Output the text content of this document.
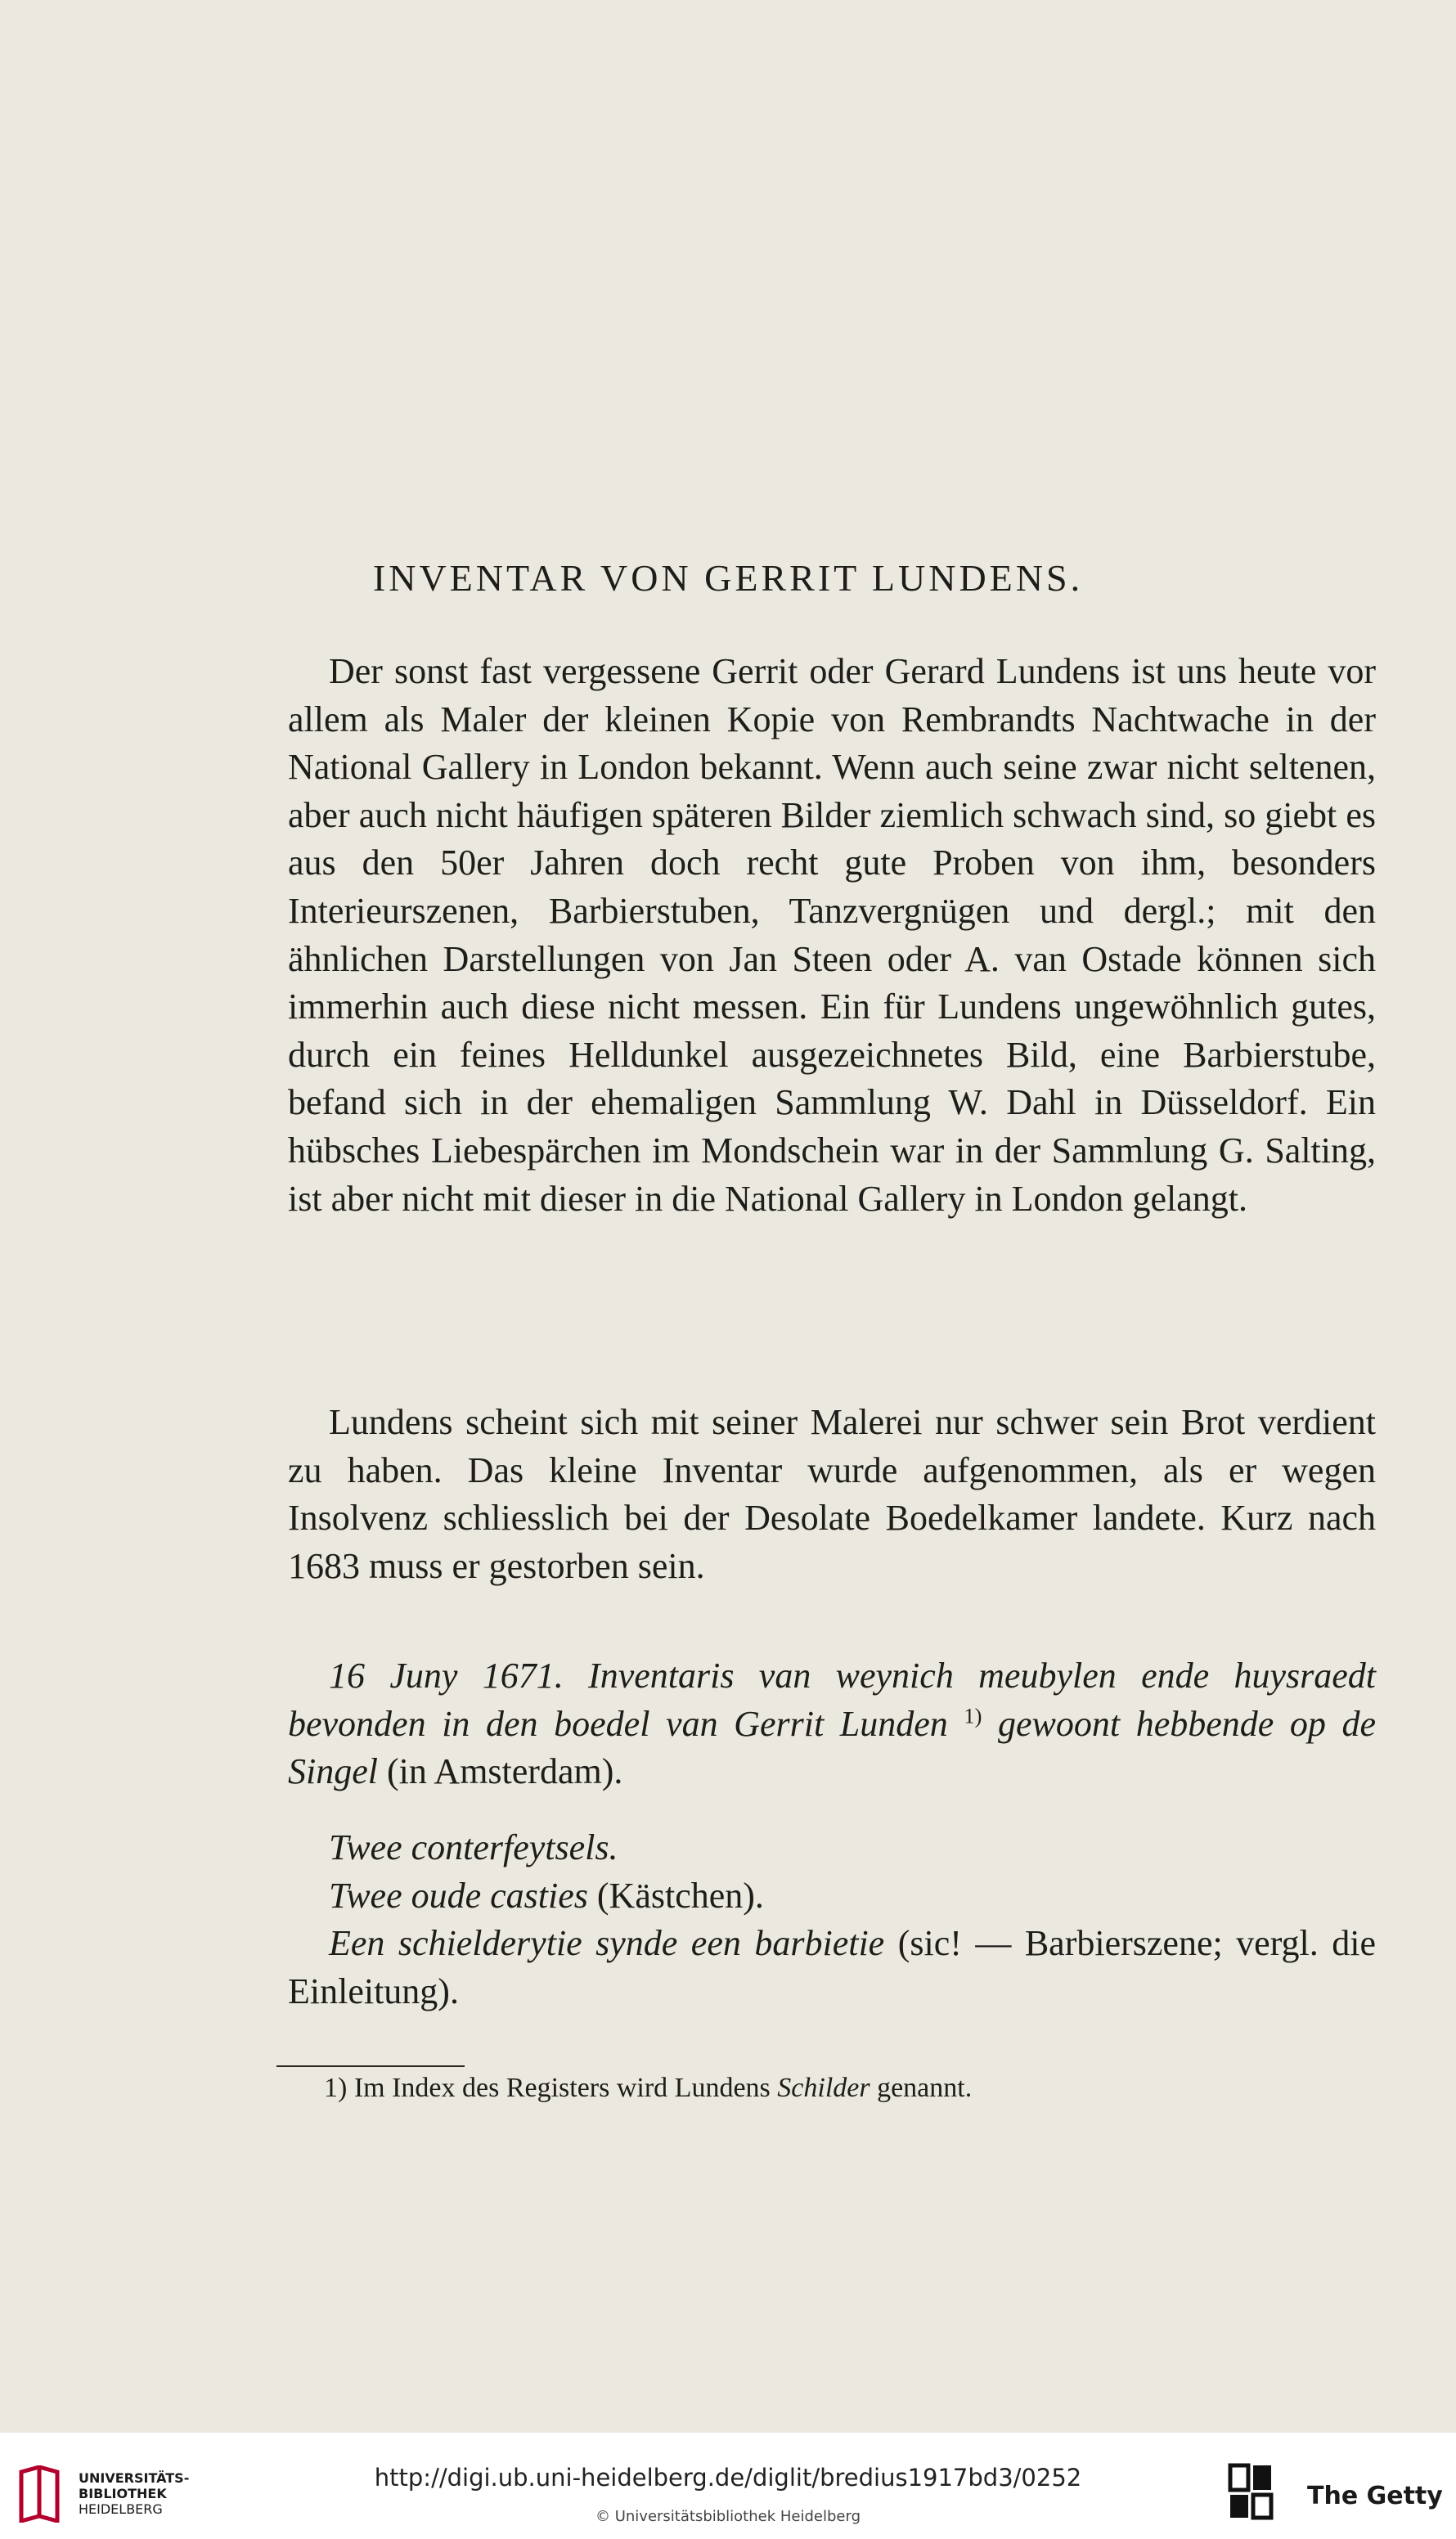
INVENTAR VON GERRIT LUNDENS.

Der sonst fast vergessene Gerrit oder Gerard Lundens ist uns heute vor allem als Maler der kleinen Kopie von Rembrandts Nachtwache in der National Gallery in London bekannt. Wenn auch seine zwar nicht seltenen, aber auch nicht häufigen späteren Bilder ziemlich schwach sind, so giebt es aus den 50er Jahren doch recht gute Proben von ihm, besonders Interieurszenen, Barbierstuben, Tanzvergnügen und dergl.; mit den ähnlichen Darstellungen von Jan Steen oder A. van Ostade können sich immerhin auch diese nicht messen. Ein für Lundens ungewöhnlich gutes, durch ein feines Helldunkel ausgezeichnetes Bild, eine Barbierstube, befand sich in der ehemaligen Sammlung W. Dahl in Düsseldorf. Ein hübsches Liebespärchen im Mondschein war in der Sammlung G. Salting, ist aber nicht mit dieser in die National Gallery in London gelangt.

Lundens scheint sich mit seiner Malerei nur schwer sein Brot verdient zu haben. Das kleine Inventar wurde aufgenommen, als er wegen Insolvenz schliesslich bei der Desolate Boedelkamer landete. Kurz nach 1683 muss er gestorben sein.

16 Juny 1671. Inventaris van weynich meubylen ende huysraedt bevonden in den boedel van Gerrit Lunden $^{1)}$ gewoont hebbende op de Singel (in Amsterdam).

Twee conterfeytsels.

Twee oude casties (Kästchen).

Een schielderytie synde een barbietie (sic! — Barbierszene; vergl. die Einleitung).

1) Im Index des Registers wird Lundens Schilder genannt.
UNIVERSITÄTS-
BIBLIOTHEK
HEIDELBERG
http://digi.ub.uni-heidelberg.de/diglit/bredius1917bd3/0252
© Universitätsbibliothek Heidelberg
The Getty
